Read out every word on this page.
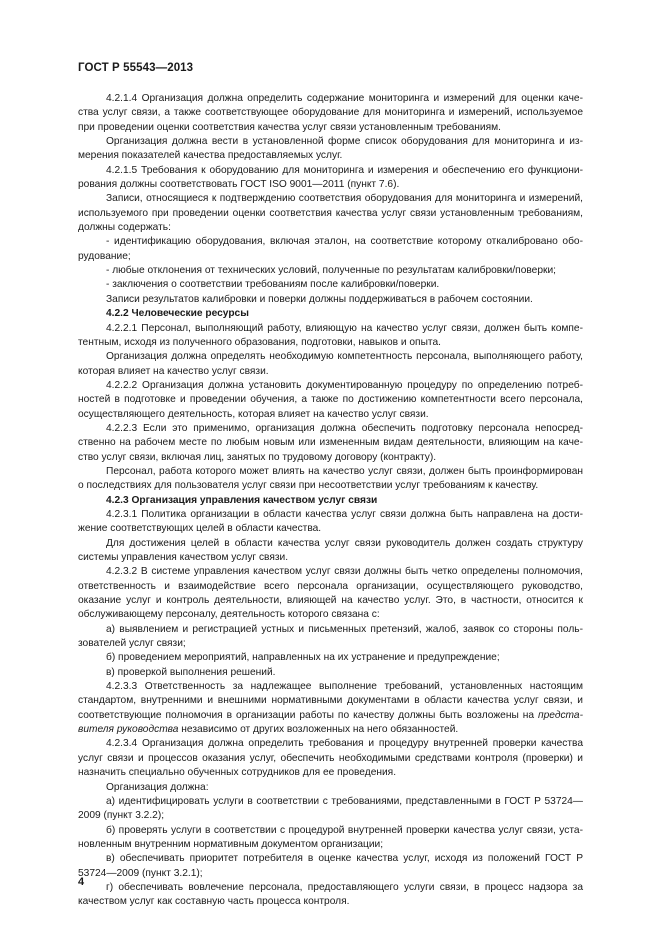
ГОСТ Р 55543—2013

4.2.1.4 Организация должна определить содержание мониторинга и измерений для оценки качества услуг связи, а также соответствующее оборудование для мониторинга и измерений, используемое при проведении оценки соответствия качества услуг связи установленным требованиям.

Организация должна вести в установленной форме список оборудования для мониторинга и измерения показателей качества предоставляемых услуг.

4.2.1.5 Требования к оборудованию для мониторинга и измерения и обеспечению его функционирования должны соответствовать ГОСТ ISO 9001—2011 (пункт 7.6).

Записи, относящиеся к подтверждению соответствия оборудования для мониторинга и измерений, используемого при проведении оценки соответствия качества услуг связи установленным требованиям, должны содержать:

- идентификацию оборудования, включая эталон, на соответствие которому откалибровано оборудование;

- любые отклонения от технических условий, полученные по результатам калибровки/поверки;

- заключения о соответствии требованиям после калибровки/поверки.

Записи результатов калибровки и поверки должны поддерживаться в рабочем состоянии.

4.2.2 Человеческие ресурсы

4.2.2.1 Персонал, выполняющий работу, влияющую на качество услуг связи, должен быть компетентным, исходя из полученного образования, подготовки, навыков и опыта.

Организация должна определять необходимую компетентность персонала, выполняющего работу, которая влияет на качество услуг связи.

4.2.2.2 Организация должна установить документированную процедуру по определению потребностей в подготовке и проведении обучения, а также по достижению компетентности всего персонала, осуществляющего деятельность, которая влияет на качество услуг связи.

4.2.2.3 Если это применимо, организация должна обеспечить подготовку персонала непосредственно на рабочем месте по любым новым или измененным видам деятельности, влияющим на качество услуг связи, включая лиц, занятых по трудовому договору (контракту).

Персонал, работа которого может влиять на качество услуг связи, должен быть проинформирован о последствиях для пользователя услуг связи при несоответствии услуг требованиям к качеству.

4.2.3 Организация управления качеством услуг связи

4.2.3.1 Политика организации в области качества услуг связи должна быть направлена на достижение соответствующих целей в области качества.

Для достижения целей в области качества услуг связи руководитель должен создать структуру системы управления качеством услуг связи.

4.2.3.2 В системе управления качеством услуг связи должны быть четко определены полномочия, ответственность и взаимодействие всего персонала организации, осуществляющего руководство, оказание услуг и контроль деятельности, влияющей на качество услуг. Это, в частности, относится к обслуживающему персоналу, деятельность которого связана с:

а) выявлением и регистрацией устных и письменных претензий, жалоб, заявок со стороны пользователей услуг связи;

б) проведением мероприятий, направленных на их устранение и предупреждение;

в) проверкой выполнения решений.

4.2.3.3 Ответственность за надлежащее выполнение требований, установленных настоящим стандартом, внутренними и внешними нормативными документами в области качества услуг связи, и соответствующие полномочия в организации работы по качеству должны быть возложены на представителя руководства независимо от других возложенных на него обязанностей.

4.2.3.4 Организация должна определить требования и процедуру внутренней проверки качества услуг связи и процессов оказания услуг, обеспечить необходимыми средствами контроля (проверки) и назначить специально обученных сотрудников для ее проведения.

Организация должна:

а) идентифицировать услуги в соответствии с требованиями, представленными в ГОСТ Р 53724—2009 (пункт 3.2.2);

б) проверять услуги в соответствии с процедурой внутренней проверки качества услуг связи, установленным внутренним нормативным документом организации;

в) обеспечивать приоритет потребителя в оценке качества услуг, исходя из положений ГОСТ Р 53724—2009 (пункт 3.2.1);

г) обеспечивать вовлечение персонала, предоставляющего услуги связи, в процесс надзора за качеством услуг как составную часть процесса контроля.

4
